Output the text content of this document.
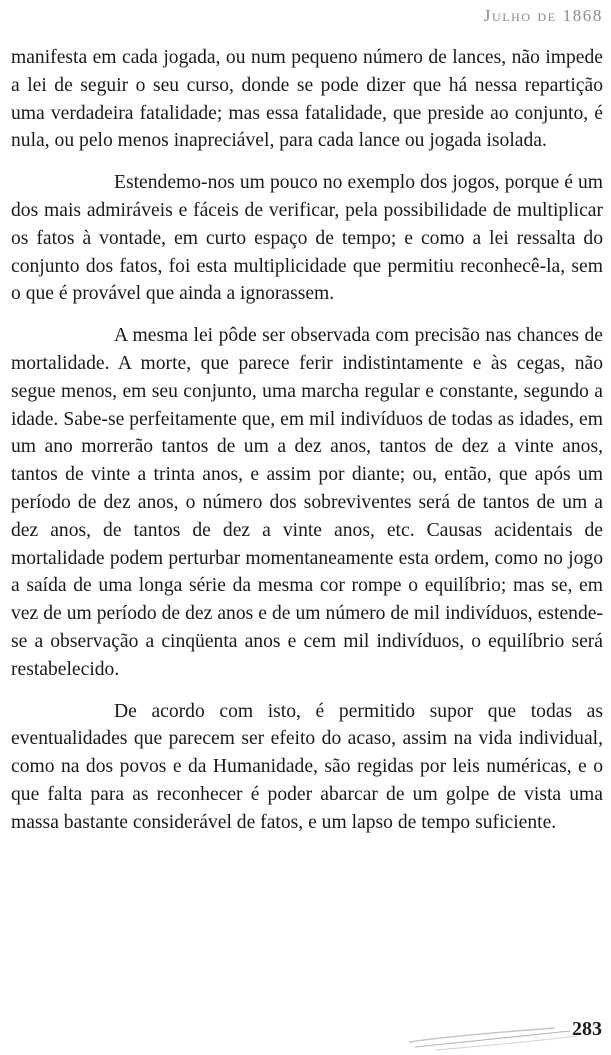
Julho de 1868

manifesta em cada jogada, ou num pequeno número de lances, não impede a lei de seguir o seu curso, donde se pode dizer que há nessa repartição uma verdadeira fatalidade; mas essa fatalidade, que preside ao conjunto, é nula, ou pelo menos inapreciável, para cada lance ou jogada isolada.

Estendemo-nos um pouco no exemplo dos jogos, porque é um dos mais admiráveis e fáceis de verificar, pela possibilidade de multiplicar os fatos à vontade, em curto espaço de tempo; e como a lei ressalta do conjunto dos fatos, foi esta multiplicidade que permitiu reconhecê-la, sem o que é provável que ainda a ignorassem.

A mesma lei pôde ser observada com precisão nas chances de mortalidade. A morte, que parece ferir indistintamente e às cegas, não segue menos, em seu conjunto, uma marcha regular e constante, segundo a idade. Sabe-se perfeitamente que, em mil indivíduos de todas as idades, em um ano morrerão tantos de um a dez anos, tantos de dez a vinte anos, tantos de vinte a trinta anos, e assim por diante; ou, então, que após um período de dez anos, o número dos sobreviventes será de tantos de um a dez anos, de tantos de dez a vinte anos, etc. Causas acidentais de mortalidade podem perturbar momentaneamente esta ordem, como no jogo a saída de uma longa série da mesma cor rompe o equilíbrio; mas se, em vez de um período de dez anos e de um número de mil indivíduos, estende-se a observação a cinqüenta anos e cem mil indivíduos, o equilíbrio será restabelecido.

De acordo com isto, é permitido supor que todas as eventualidades que parecem ser efeito do acaso, assim na vida individual, como na dos povos e da Humanidade, são regidas por leis numéricas, e o que falta para as reconhecer é poder abarcar de um golpe de vista uma massa bastante considerável de fatos, e um lapso de tempo suficiente.

283
